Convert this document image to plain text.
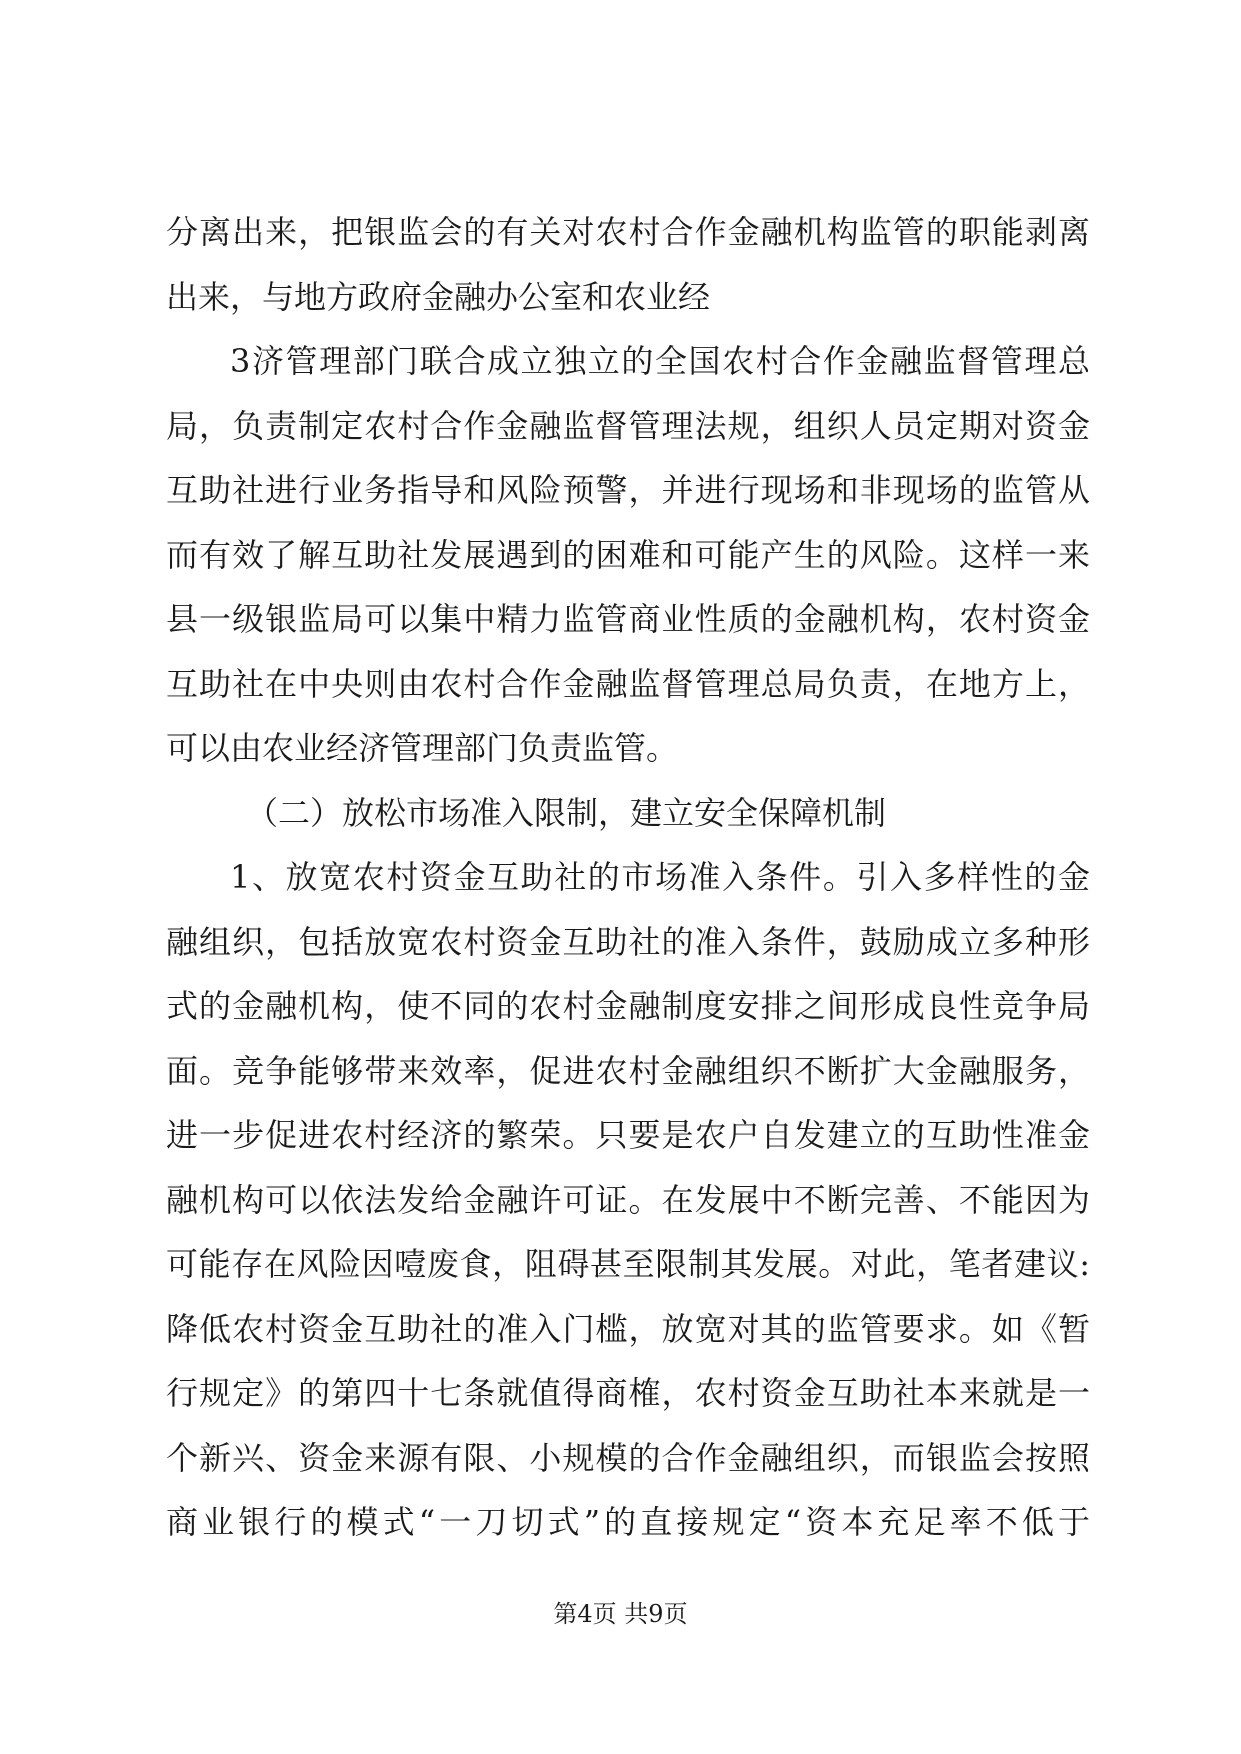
分离出来，把银监会的有关对农村合作金融机构监管的职能剥离
出来，与地方政府金融办公室和农业经
3济管理部门联合成立独立的全国农村合作金融监督管理总
局，负责制定农村合作金融监督管理法规，组织人员定期对资金
互助社进行业务指导和风险预警，并进行现场和非现场的监管从
而有效了解互助社发展遇到的困难和可能产生的风险。这样一来
县一级银监局可以集中精力监管商业性质的金融机构，农村资金
互助社在中央则由农村合作金融监督管理总局负责，在地方上，
可以由农业经济管理部门负责监管。
（二）放松市场准入限制，建立安全保障机制
1、放宽农村资金互助社的市场准入条件。引入多样性的金
融组织，包括放宽农村资金互助社的准入条件，鼓励成立多种形
式的金融机构，使不同的农村金融制度安排之间形成良性竞争局
面。竞争能够带来效率，促进农村金融组织不断扩大金融服务，
进一步促进农村经济的繁荣。只要是农户自发建立的互助性准金
融机构可以依法发给金融许可证。在发展中不断完善、不能因为
可能存在风险因噎废食，阻碍甚至限制其发展。对此，笔者建议:
降低农村资金互助社的准入门槛，放宽对其的监管要求。如《暂
行规定》的第四十七条就值得商榷，农村资金互助社本来就是一
个新兴、资金来源有限、小规模的合作金融组织，而银监会按照
商业银行的模式“一刀切式”的直接规定“资本充足率不低于
第4页 共9页
